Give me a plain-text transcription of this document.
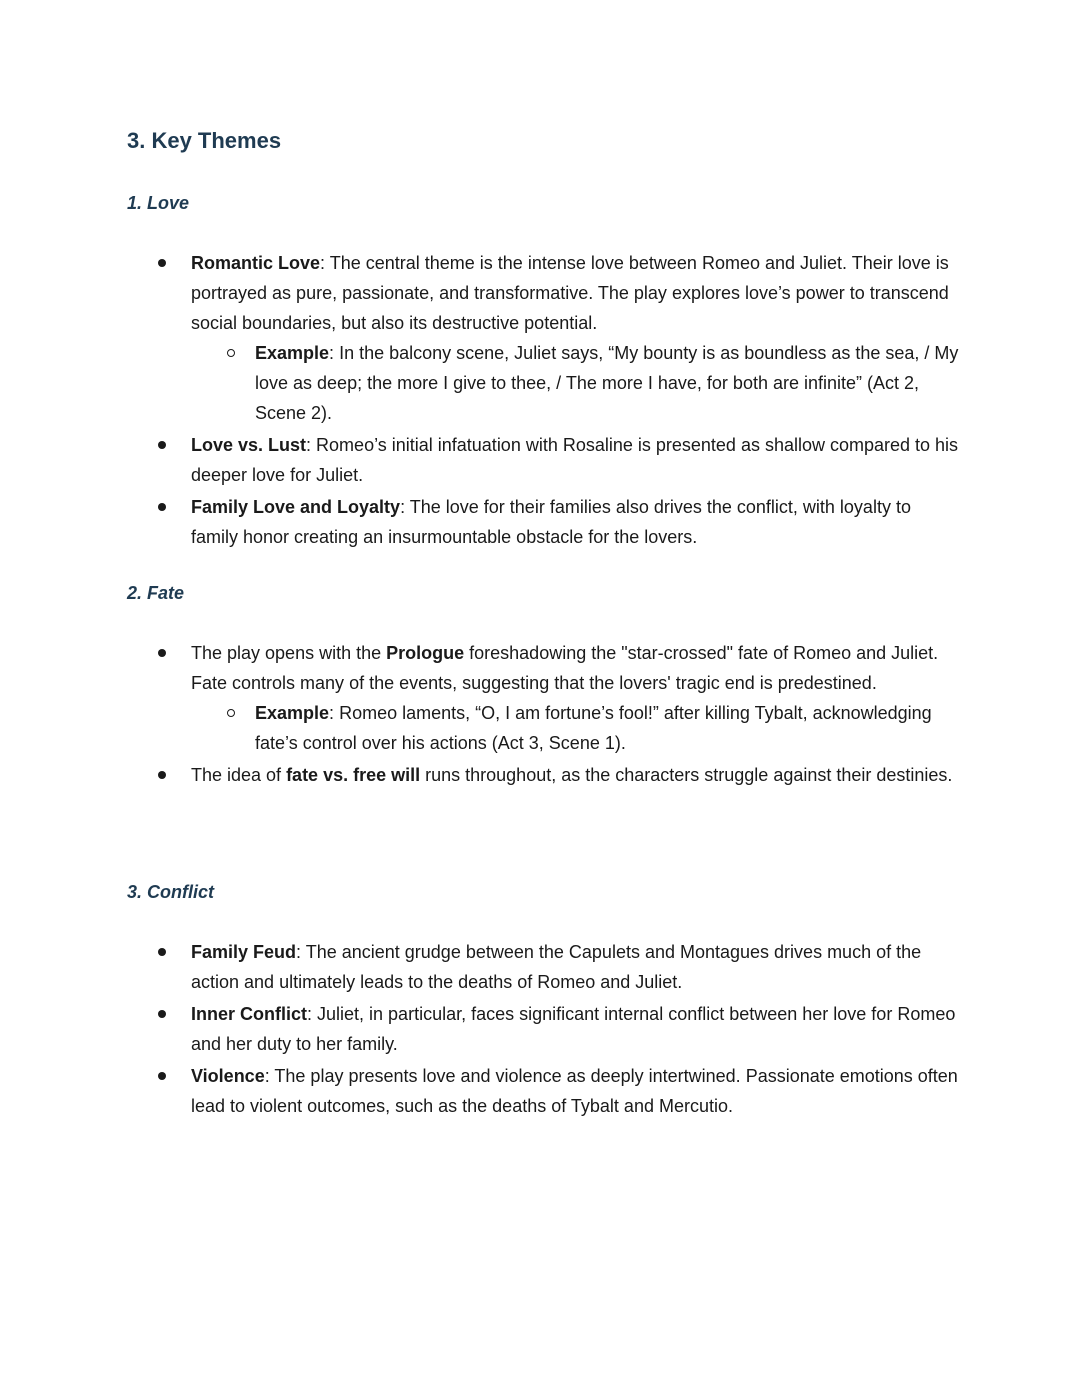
3. Key Themes
1. Love
Romantic Love: The central theme is the intense love between Romeo and Juliet. Their love is portrayed as pure, passionate, and transformative. The play explores love’s power to transcend social boundaries, but also its destructive potential.
Example: In the balcony scene, Juliet says, “My bounty is as boundless as the sea, / My love as deep; the more I give to thee, / The more I have, for both are infinite” (Act 2, Scene 2).
Love vs. Lust: Romeo’s initial infatuation with Rosaline is presented as shallow compared to his deeper love for Juliet.
Family Love and Loyalty: The love for their families also drives the conflict, with loyalty to family honor creating an insurmountable obstacle for the lovers.
2. Fate
The play opens with the Prologue foreshadowing the "star-crossed" fate of Romeo and Juliet. Fate controls many of the events, suggesting that the lovers' tragic end is predestined.
Example: Romeo laments, “O, I am fortune’s fool!” after killing Tybalt, acknowledging fate’s control over his actions (Act 3, Scene 1).
The idea of fate vs. free will runs throughout, as the characters struggle against their destinies.
3. Conflict
Family Feud: The ancient grudge between the Capulets and Montagues drives much of the action and ultimately leads to the deaths of Romeo and Juliet.
Inner Conflict: Juliet, in particular, faces significant internal conflict between her love for Romeo and her duty to her family.
Violence: The play presents love and violence as deeply intertwined. Passionate emotions often lead to violent outcomes, such as the deaths of Tybalt and Mercutio.
